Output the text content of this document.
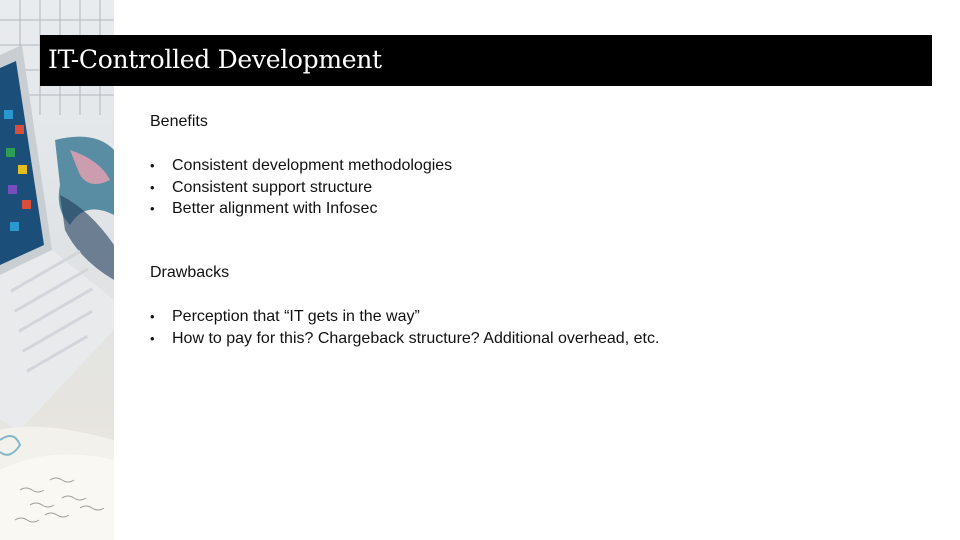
IT-Controlled Development
Benefits
• Consistent development methodologies
• Consistent support structure
• Better alignment with Infosec
Drawbacks
• Perception that “IT gets in the way”
• How to pay for this? Chargeback structure? Additional overhead, etc.
